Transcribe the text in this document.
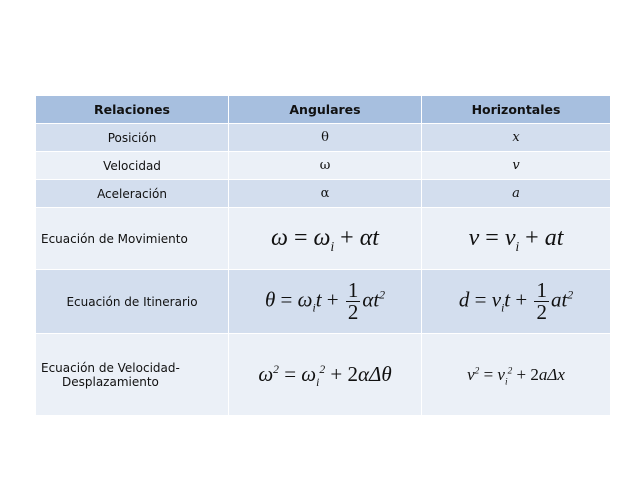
Relaciones	Angulares	Horizontales
Posición	θ	x
Velocidad	ω	v
Aceleración	α	a
Ecuación de Movimiento	$\omega = \omega_i + \alpha t$	$v = v_i$ + at
Ecuación de Itinerario	$\theta = \omega_it + \frac{1}{2} \alpha t^2$	$d = v_it + \frac{1}{2} at^2$

Ecuación de Velocidad-
Desplazamiento	$\omega^2 = \omega_i^2 + 2\alpha\Delta\theta$	$v^2 = v_i^2 + 2a\Delta x$
